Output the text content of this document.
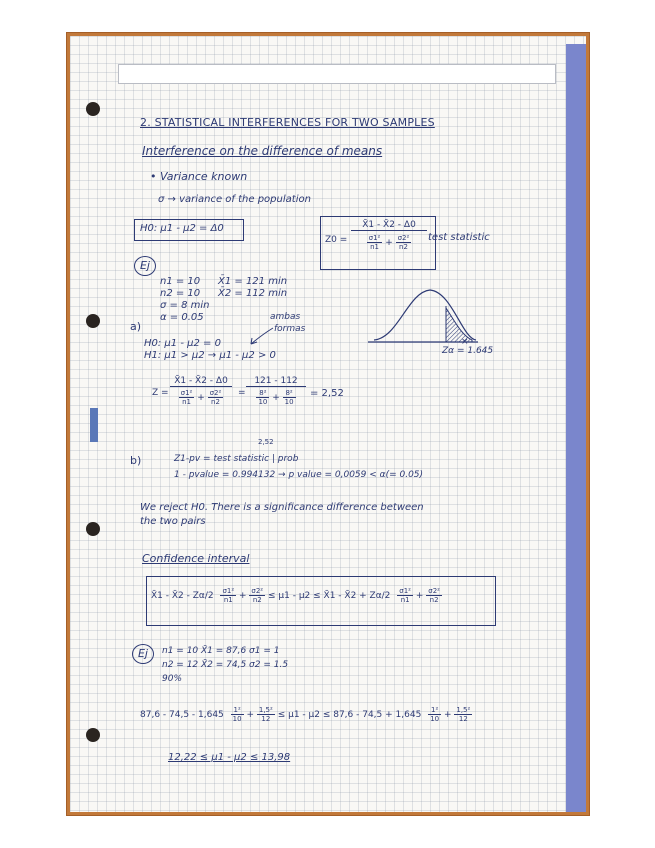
2. STATISTICAL INTERFERENCES FOR TWO SAMPLES
Interference on the difference of means
• Variance known
σ → variance of the population
H0: μ1 - μ2 = Δ0
$Z0 = \frac{X̄1 - X̄2 - \Delta 0}{\frac{\text{σ1²}}{n1} + \frac{\text{σ2²}}{n2}}$ test statistic
Ej
n1 = 10 X̄1 = 121 min
n2 = 10 X̄2 = 112 min
σ = 8 min
α = 0.05
a)
ambas
formas
H0: μ1 - μ2 = 0
H1: μ1 > μ2 → μ1 - μ2 > 0
×
Zα = 1.645
$Z = \frac{X̄1 - X̄2 - \Delta 0}{\frac{\text{σ1²}}{n1} + \frac{\text{σ2²}}{n2}} = \frac{121 - 112}{\frac{\text{8²}}{10} + \frac{\text{8²}}{10}} = 2,52$
2,52
b)	Z1-pv = test statistic | prob
1 - pvalue = 0.994132 → p value = 0,0059 < α(= 0.05)
We reject H0. There is a significance difference between
the two pairs
Confidence interval
X̄1 - X̄2 - $Z\alpha/2 \frac{\text{σ1²}}{n1} + \frac{\text{σ2²}}{n2} \le \mu 1 - \mu 2$ ≤ X̄1 - X̄2 + $Z\alpha/2 \frac{\text{σ1²}}{n1} + \frac{\text{σ2²}}{n2}$
Ej	n1 = 10 X̄1 = 87,6 σ1 = 1
n2 = 12 X̄2 = 74,5 σ2 = 1.5
90%
$87,6 - 74,5 - 1,645 \frac{\text{1²}}{10} + \frac{\text{1,5²}}{12} \le \mu 1 - \mu 2 \le 87,6 - 74,5 + 1,645 \frac{\text{1²}}{10} + \frac{\text{1,5²}}{12}$
12,22 ≤ μ1 - μ2 ≤ 13,98
